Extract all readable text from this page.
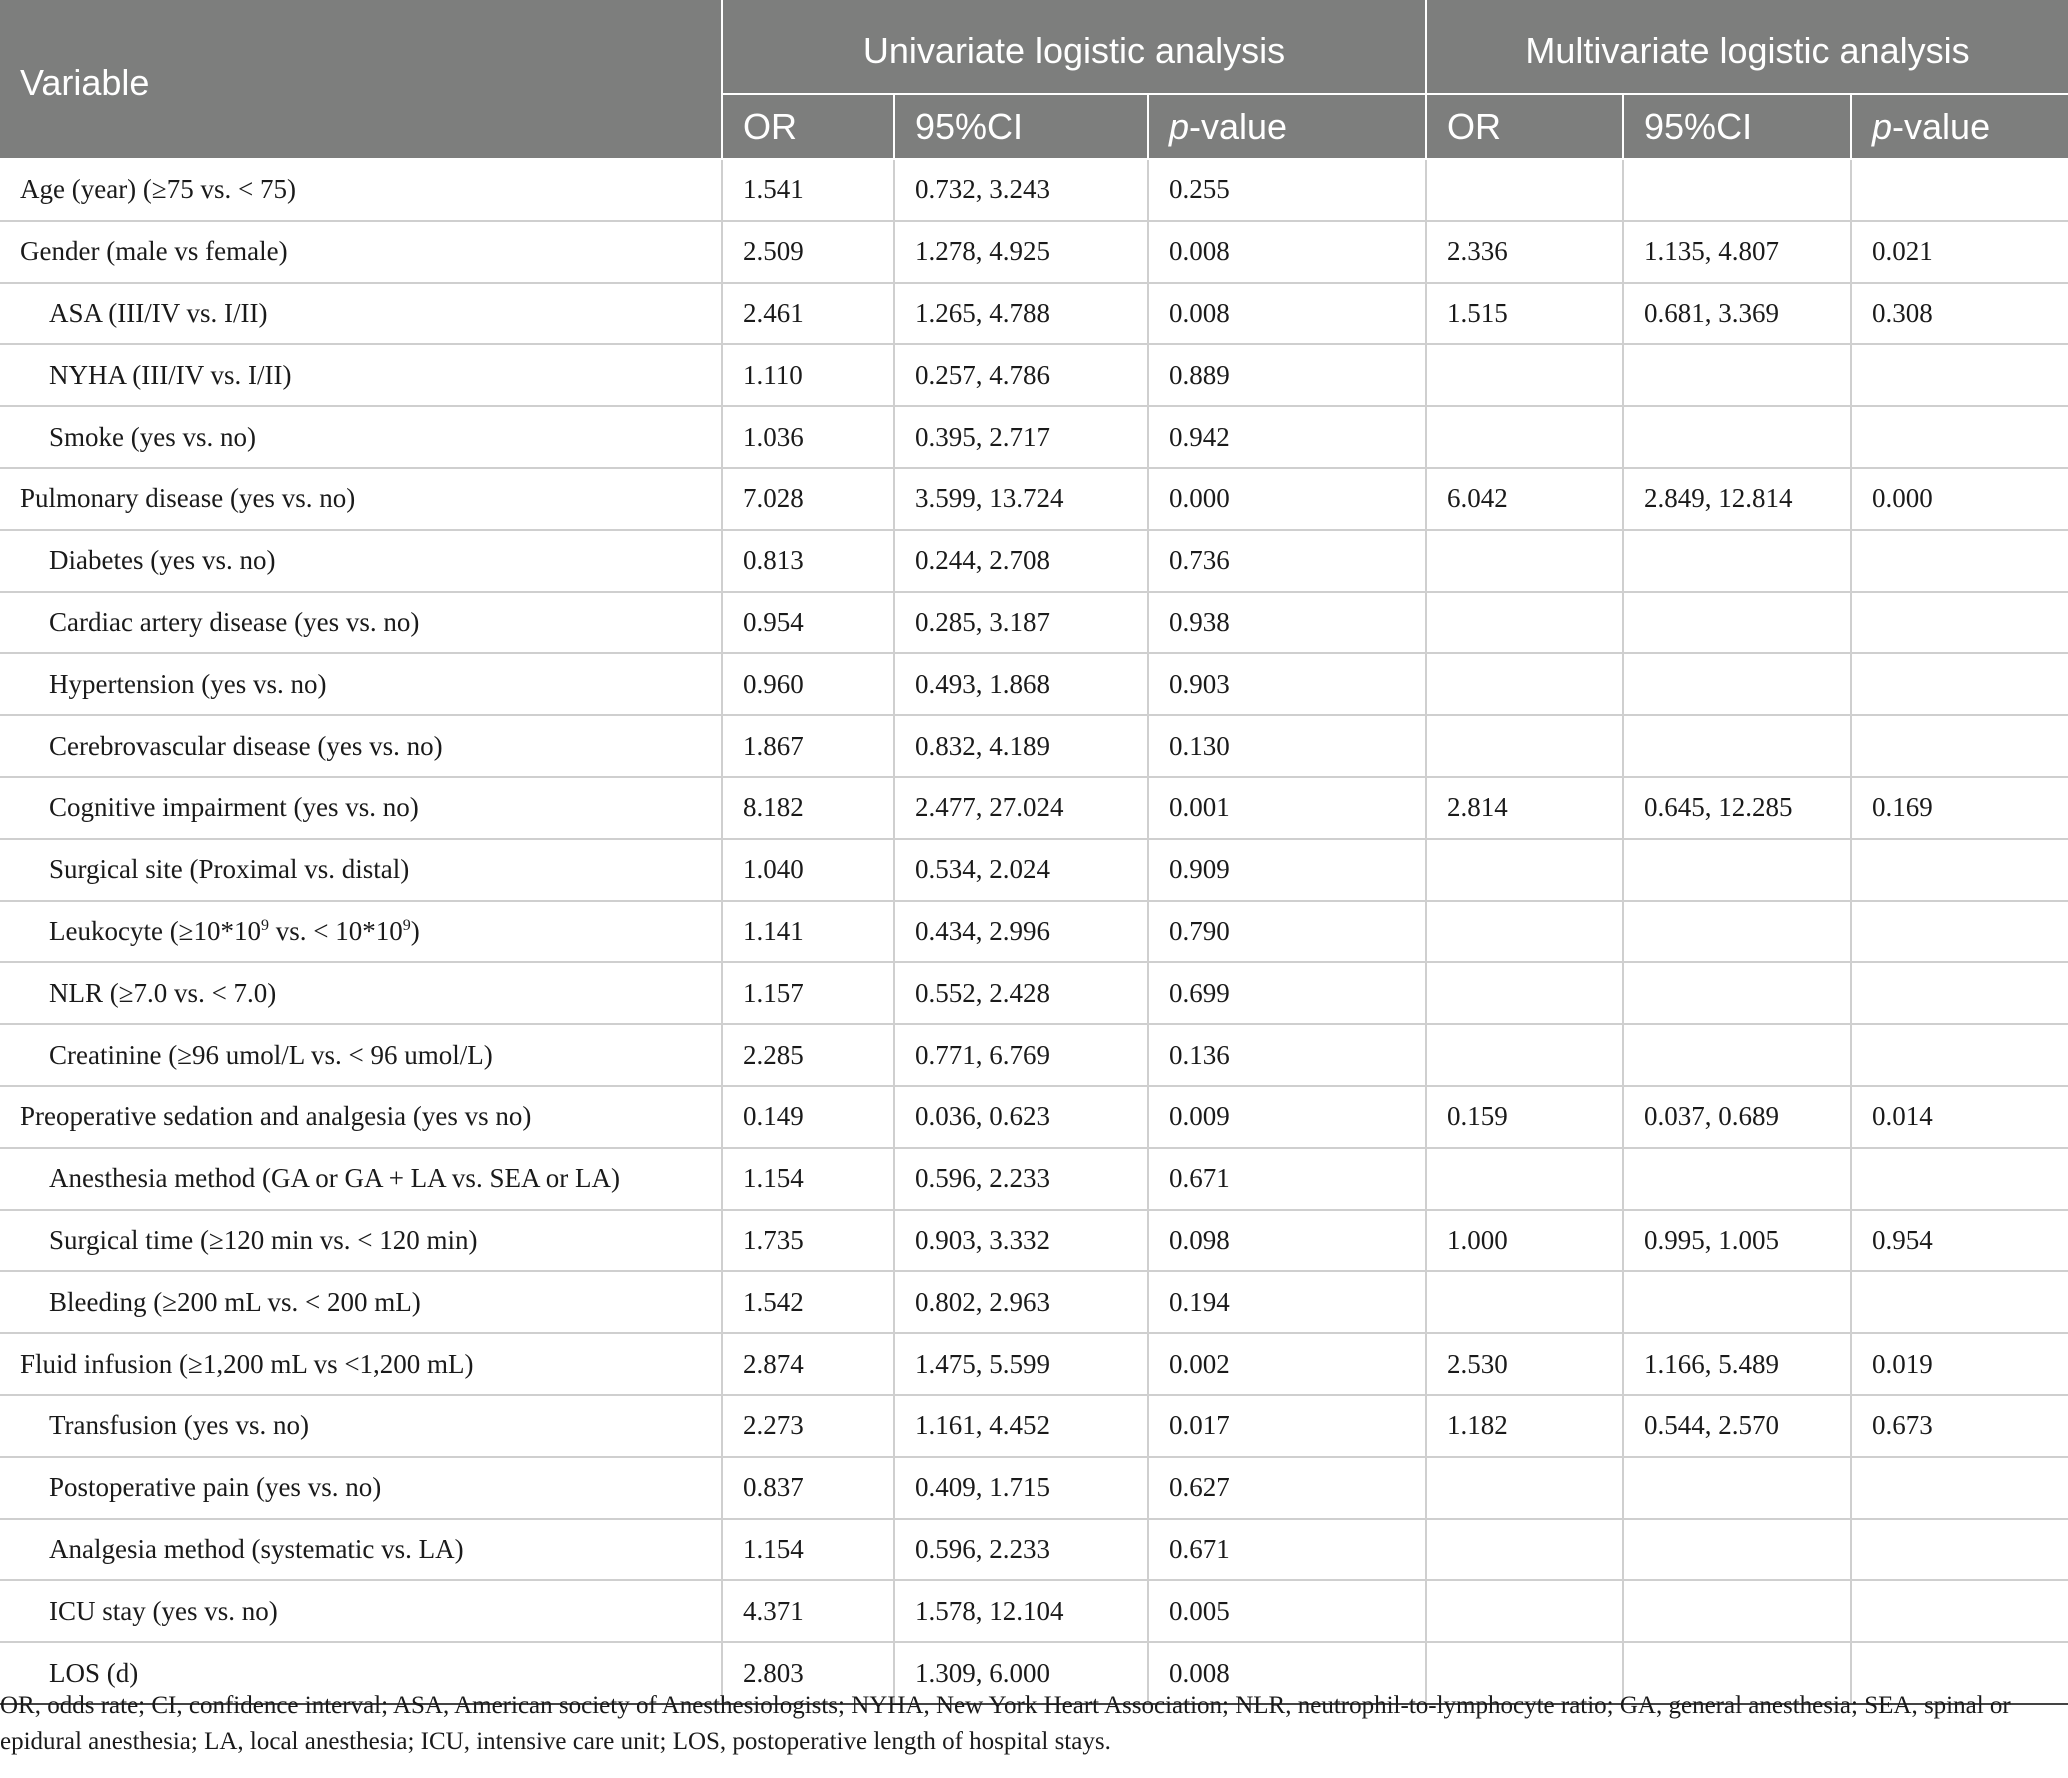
Variable	Univariate logistic analysis			Multivariate logistic analysis		
	OR	95%CI	p-value	OR	95%CI	p-value
Age (year) (≥75 vs. < 75)	1.541	0.732, 3.243	0.255			
Gender (male vs female)	2.509	1.278, 4.925	0.008	2.336	1.135, 4.807	0.021
ASA (III/IV vs. I/II)	2.461	1.265, 4.788	0.008	1.515	0.681, 3.369	0.308
NYHA (III/IV vs. I/II)	1.110	0.257, 4.786	0.889			
Smoke (yes vs. no)	1.036	0.395, 2.717	0.942			
Pulmonary disease (yes vs. no)	7.028	3.599, 13.724	0.000	6.042	2.849, 12.814	0.000
Diabetes (yes vs. no)	0.813	0.244, 2.708	0.736			
Cardiac artery disease (yes vs. no)	0.954	0.285, 3.187	0.938			
Hypertension (yes vs. no)	0.960	0.493, 1.868	0.903			
Cerebrovascular disease (yes vs. no)	1.867	0.832, 4.189	0.130			
Cognitive impairment (yes vs. no)	8.182	2.477, 27.024	0.001	2.814	0.645, 12.285	0.169
Surgical site (Proximal vs. distal)	1.040	0.534, 2.024	0.909			
Leukocyte ($\ge 10*10^9$ vs. < $10*10^9$)	1.141	0.434, 2.996	0.790			
NLR (≥7.0 vs. < 7.0)	1.157	0.552, 2.428	0.699			
Creatinine (≥96 umol/L vs. < 96 umol/L)	2.285	0.771, 6.769	0.136			
Preoperative sedation and analgesia (yes vs no)	0.149	0.036, 0.623	0.009	0.159	0.037, 0.689	0.014
Anesthesia method (GA or GA + LA vs. SEA or LA)	1.154	0.596, 2.233	0.671			
Surgical time (≥120 min vs. < 120 min)	1.735	0.903, 3.332	0.098	1.000	0.995, 1.005	0.954
Bleeding (≥200 mL vs. < 200 mL)	1.542	0.802, 2.963	0.194			
Fluid infusion (≥1,200 mL vs <1,200 mL)	2.874	1.475, 5.599	0.002	2.530	1.166, 5.489	0.019
Transfusion (yes vs. no)	2.273	1.161, 4.452	0.017	1.182	0.544, 2.570	0.673
Postoperative pain (yes vs. no)	0.837	0.409, 1.715	0.627			
Analgesia method (systematic vs. LA)	1.154	0.596, 2.233	0.671			
ICU stay (yes vs. no)	4.371	1.578, 12.104	0.005			
LOS (d)	2.803	1.309, 6.000	0.008			
OR, odds rate; CI, confidence interval; ASA, American society of Anesthesiologists; NYHA, New York Heart Association; NLR, neutrophil-to-lymphocyte ratio; GA, general anesthesia; SEA, spinal or epidural anesthesia; LA, local anesthesia; ICU, intensive care unit; LOS, postoperative length of hospital stays.
